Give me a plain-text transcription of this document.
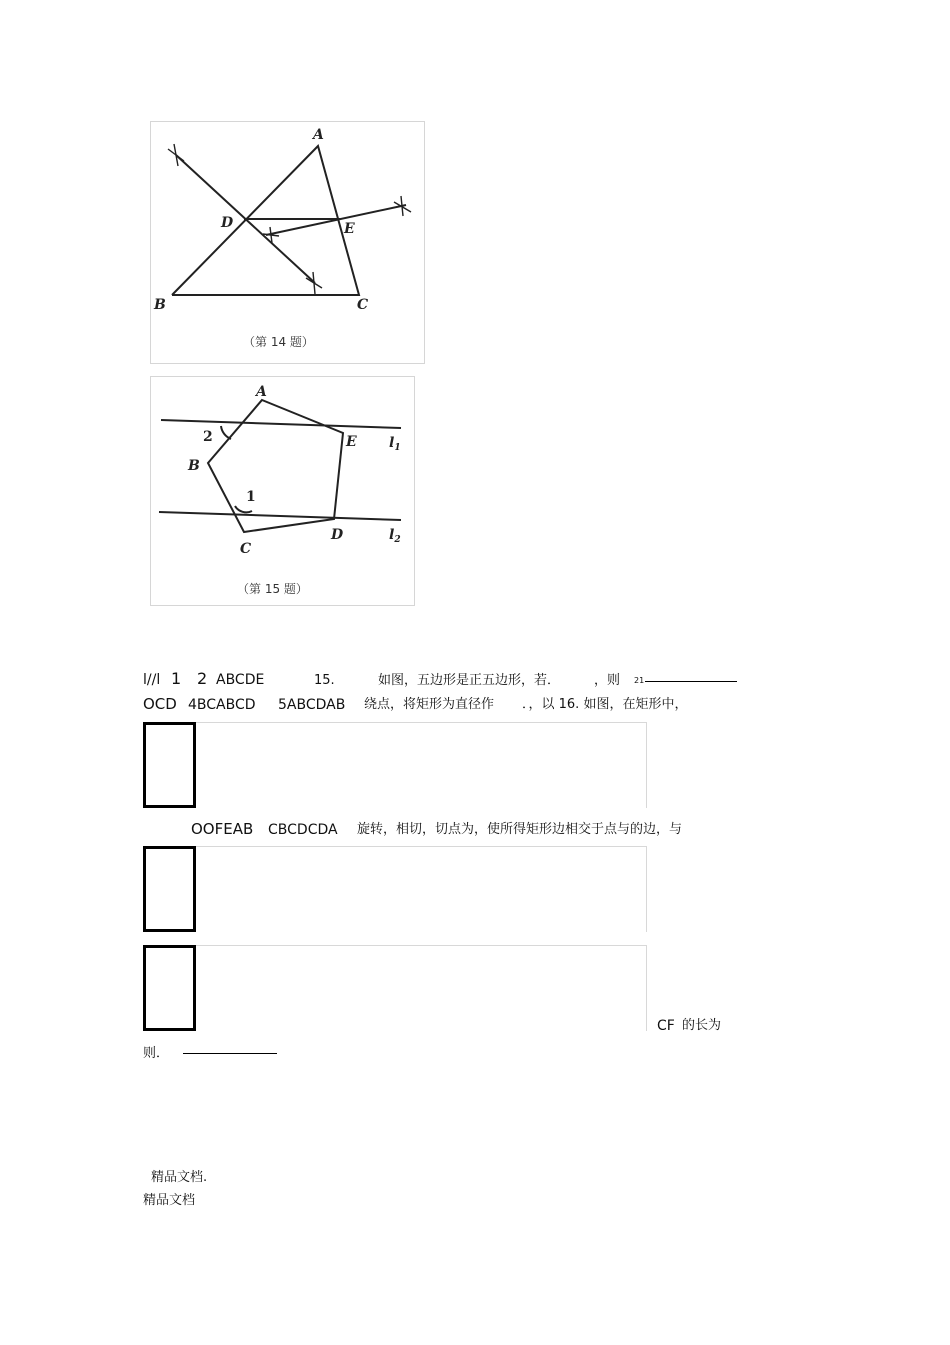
A
B	C
D	E
（第 14 题）
A
B
C
D
E
2
1
$l_1$
$l_2$
（第 15 题）
l//l 1 2 ABCDE	15.	如图，五边形是正五边形，若．	，则 21
OCD 4BCABCD 5ABCDAB 绕点，将矩形为直径作 ．，以 16. 如图，在矩形中，
OOFEAB CBCDCDA 旋转，相切，切点为，使所得矩形边相交于点与的边，与
CF 的长为
则．
精品文档.
精品文档
